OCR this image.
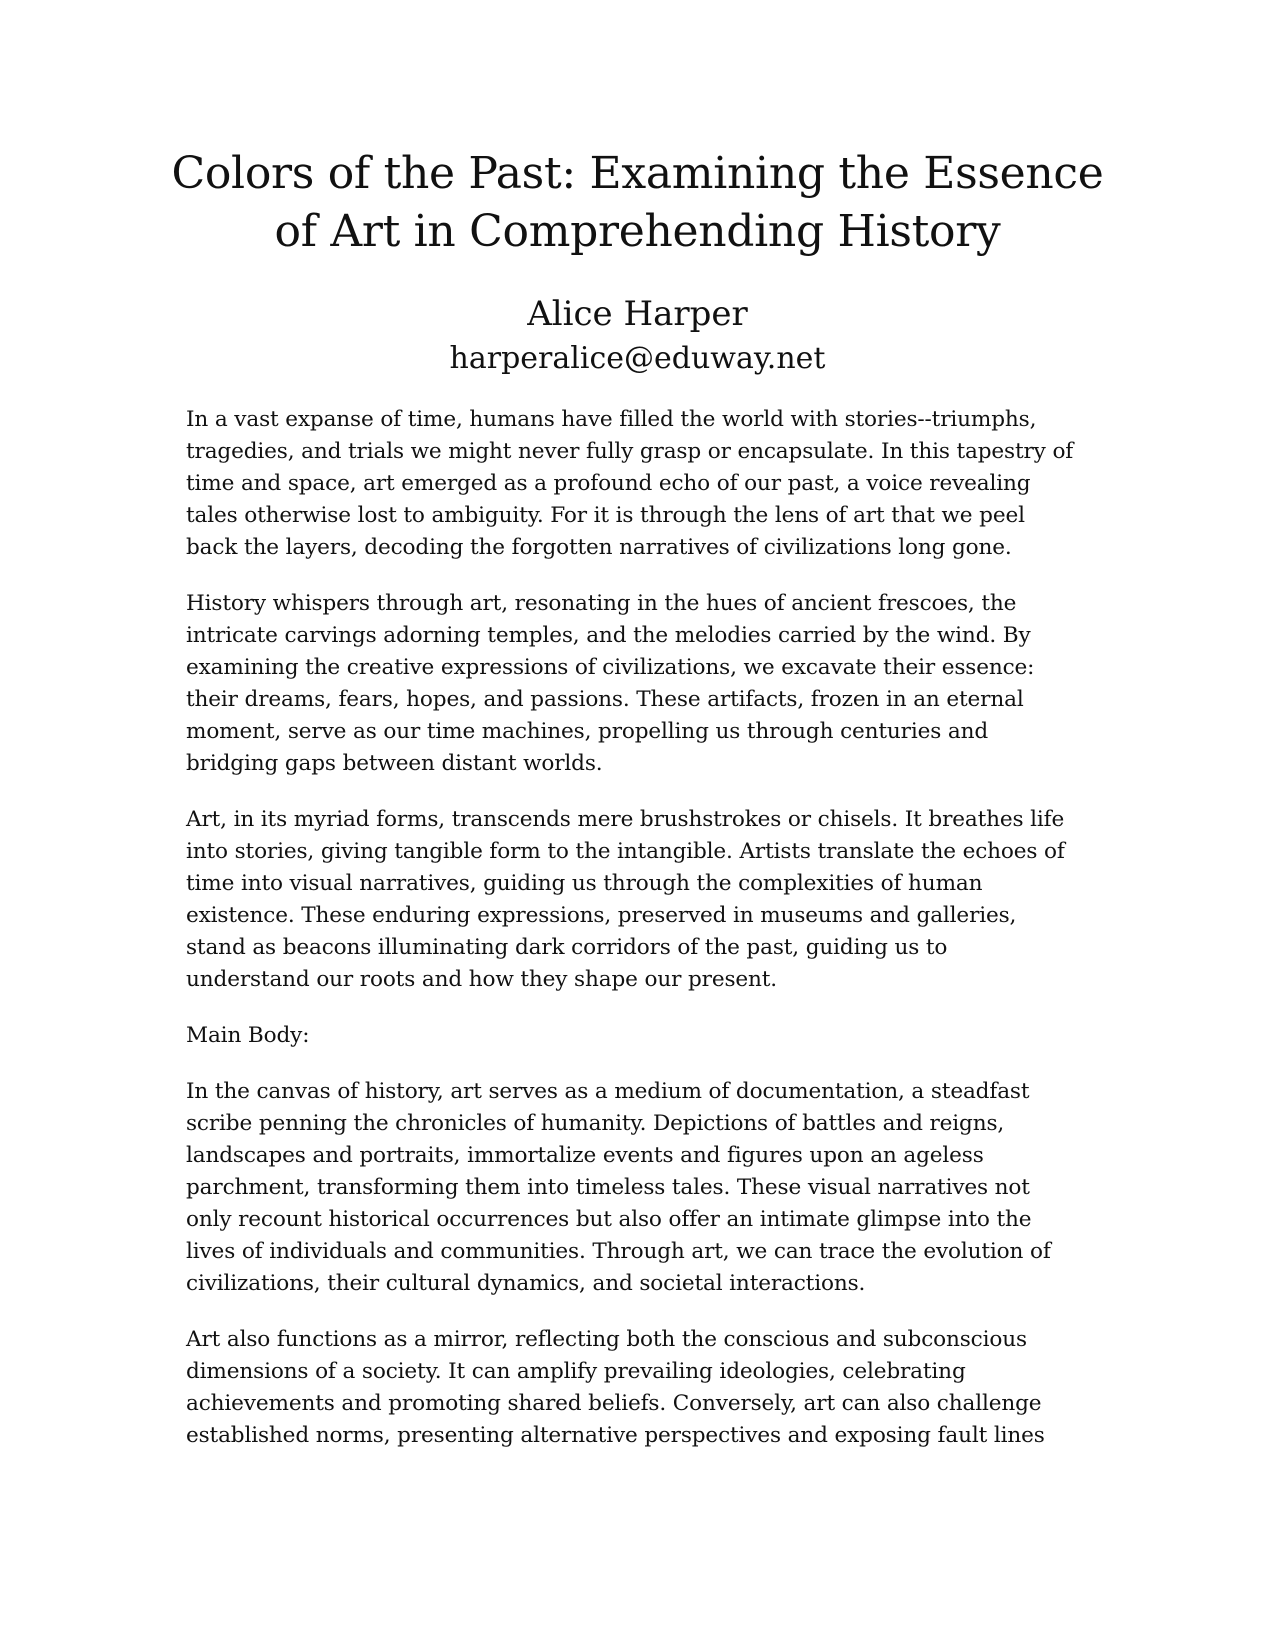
Colors of the Past: Examining the Essence
of Art in Comprehending History
Alice Harper
harperalice@eduway.net

In a vast expanse of time, humans have filled the world with stories--triumphs,
tragedies, and trials we might never fully grasp or encapsulate. In this tapestry of
time and space, art emerged as a profound echo of our past, a voice revealing
tales otherwise lost to ambiguity. For it is through the lens of art that we peel
back the layers, decoding the forgotten narratives of civilizations long gone.

History whispers through art, resonating in the hues of ancient frescoes, the
intricate carvings adorning temples, and the melodies carried by the wind. By
examining the creative expressions of civilizations, we excavate their essence:
their dreams, fears, hopes, and passions. These artifacts, frozen in an eternal
moment, serve as our time machines, propelling us through centuries and
bridging gaps between distant worlds.

Art, in its myriad forms, transcends mere brushstrokes or chisels. It breathes life
into stories, giving tangible form to the intangible. Artists translate the echoes of
time into visual narratives, guiding us through the complexities of human
existence. These enduring expressions, preserved in museums and galleries,
stand as beacons illuminating dark corridors of the past, guiding us to
understand our roots and how they shape our present.

Main Body:

In the canvas of history, art serves as a medium of documentation, a steadfast
scribe penning the chronicles of humanity. Depictions of battles and reigns,
landscapes and portraits, immortalize events and figures upon an ageless
parchment, transforming them into timeless tales. These visual narratives not
only recount historical occurrences but also offer an intimate glimpse into the
lives of individuals and communities. Through art, we can trace the evolution of
civilizations, their cultural dynamics, and societal interactions.

Art also functions as a mirror, reflecting both the conscious and subconscious
dimensions of a society. It can amplify prevailing ideologies, celebrating
achievements and promoting shared beliefs. Conversely, art can also challenge
established norms, presenting alternative perspectives and exposing fault lines
